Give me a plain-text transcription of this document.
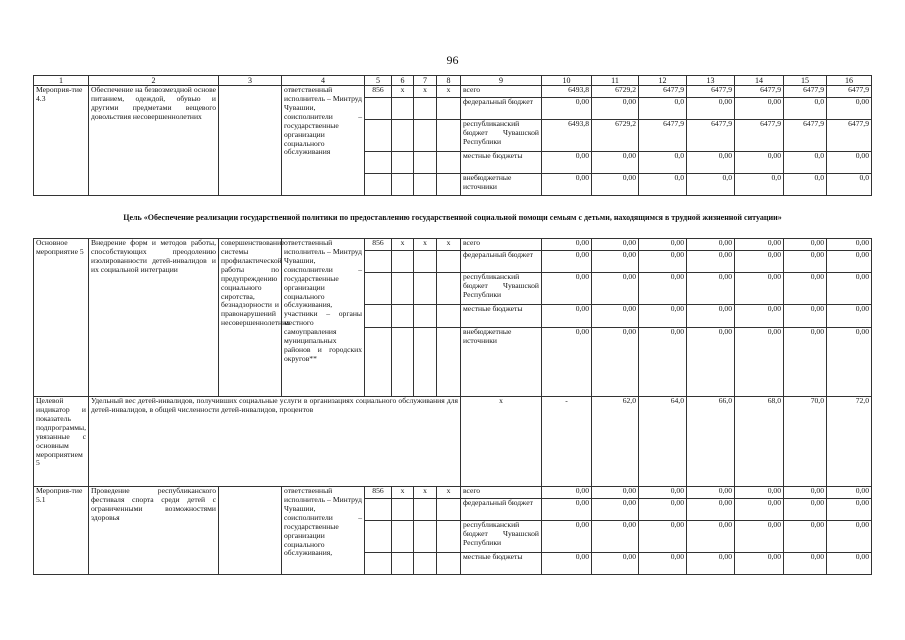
96
1	2	3	4	5	6	7	8	9	10	11	12	13	14	15	16
Мероприя-тие 4.3	Обеспечение на безвозмездной основе питанием, одеждой, обувью и другими предметами вещевого довольствия несовершеннолетних		ответственный исполнитель – Минтруд Чувашии, соисполнители – государственные организации социального обслуживания	856	x	x	x	всего	6493,8	6729,2	6477,9	6477,9	6477,9	6477,9	6477,9
								федеральный бюджет	0,00	0,00	0,0	0,00	0,00	0,0	0,00
								республиканский бюджет Чувашской Республики	6493,8	6729,2	6477,9	6477,9	6477,9	6477,9	6477,9
								местные бюджеты	0,00	0,00	0,0	0,00	0,00	0,0	0,00
								внебюджетные источники	0,00	0,00	0,0	0,0	0,0	0,0	0,0
Цель «Обеспечение реализации государственной политики по предоставлению государственной социальной помощи семьям с детьми, находящимся в трудной жизненной ситуации»															
Основное мероприятие 5	Внедрение форм и методов работы, способствующих преодолению изолированности детей-инвалидов и их социальной интеграции	совершенствование системы профилактической работы по предупреждению социального сиротства, безнадзорности и правонарушений несовершеннолетних	ответственный исполнитель – Минтруд Чувашии, соисполнители – государственные организации социального обслуживания, участники – органы местного самоуправления муниципальных районов и городских округов**	856	x	x	x	всего	0,00	0,00	0,00	0,00	0,00	0,00	0,00
								федеральный бюджет	0,00	0,00	0,00	0,00	0,00	0,00	0,00
								республиканский бюджет Чувашской Республики	0,00	0,00	0,00	0,00	0,00	0,00	0,00
								местные бюджеты	0,00	0,00	0,00	0,00	0,00	0,00	0,00
								внебюджетные источники	0,00	0,00	0,00	0,00	0,00	0,00	0,00
Целевой индикатор и показатель подпрограммы, увязанные с основным мероприятием 5	Удельный вес детей-инвалидов, получивших социальные услуги в организациях социального обслуживания для детей-инвалидов, в общей численности детей-инвалидов, процентов							x	-	62,0	64,0	66,0	68,0	70,0	72,0
Мероприя-тие 5.1	Проведение республиканского фестиваля спорта среди детей с ограниченными возможностями здоровья		ответственный исполнитель – Минтруд Чувашии, соисполнители – государственные организации социального обслуживания,	856	x	x	x	всего	0,00	0,00	0,00	0,00	0,00	0,00	0,00
								федеральный бюджет	0,00	0,00	0,00	0,00	0,00	0,00	0,00
								республиканский бюджет Чувашской Республики	0,00	0,00	0,00	0,00	0,00	0,00	0,00
								местные бюджеты	0,00	0,00	0,00	0,00	0,00	0,00	0,00
